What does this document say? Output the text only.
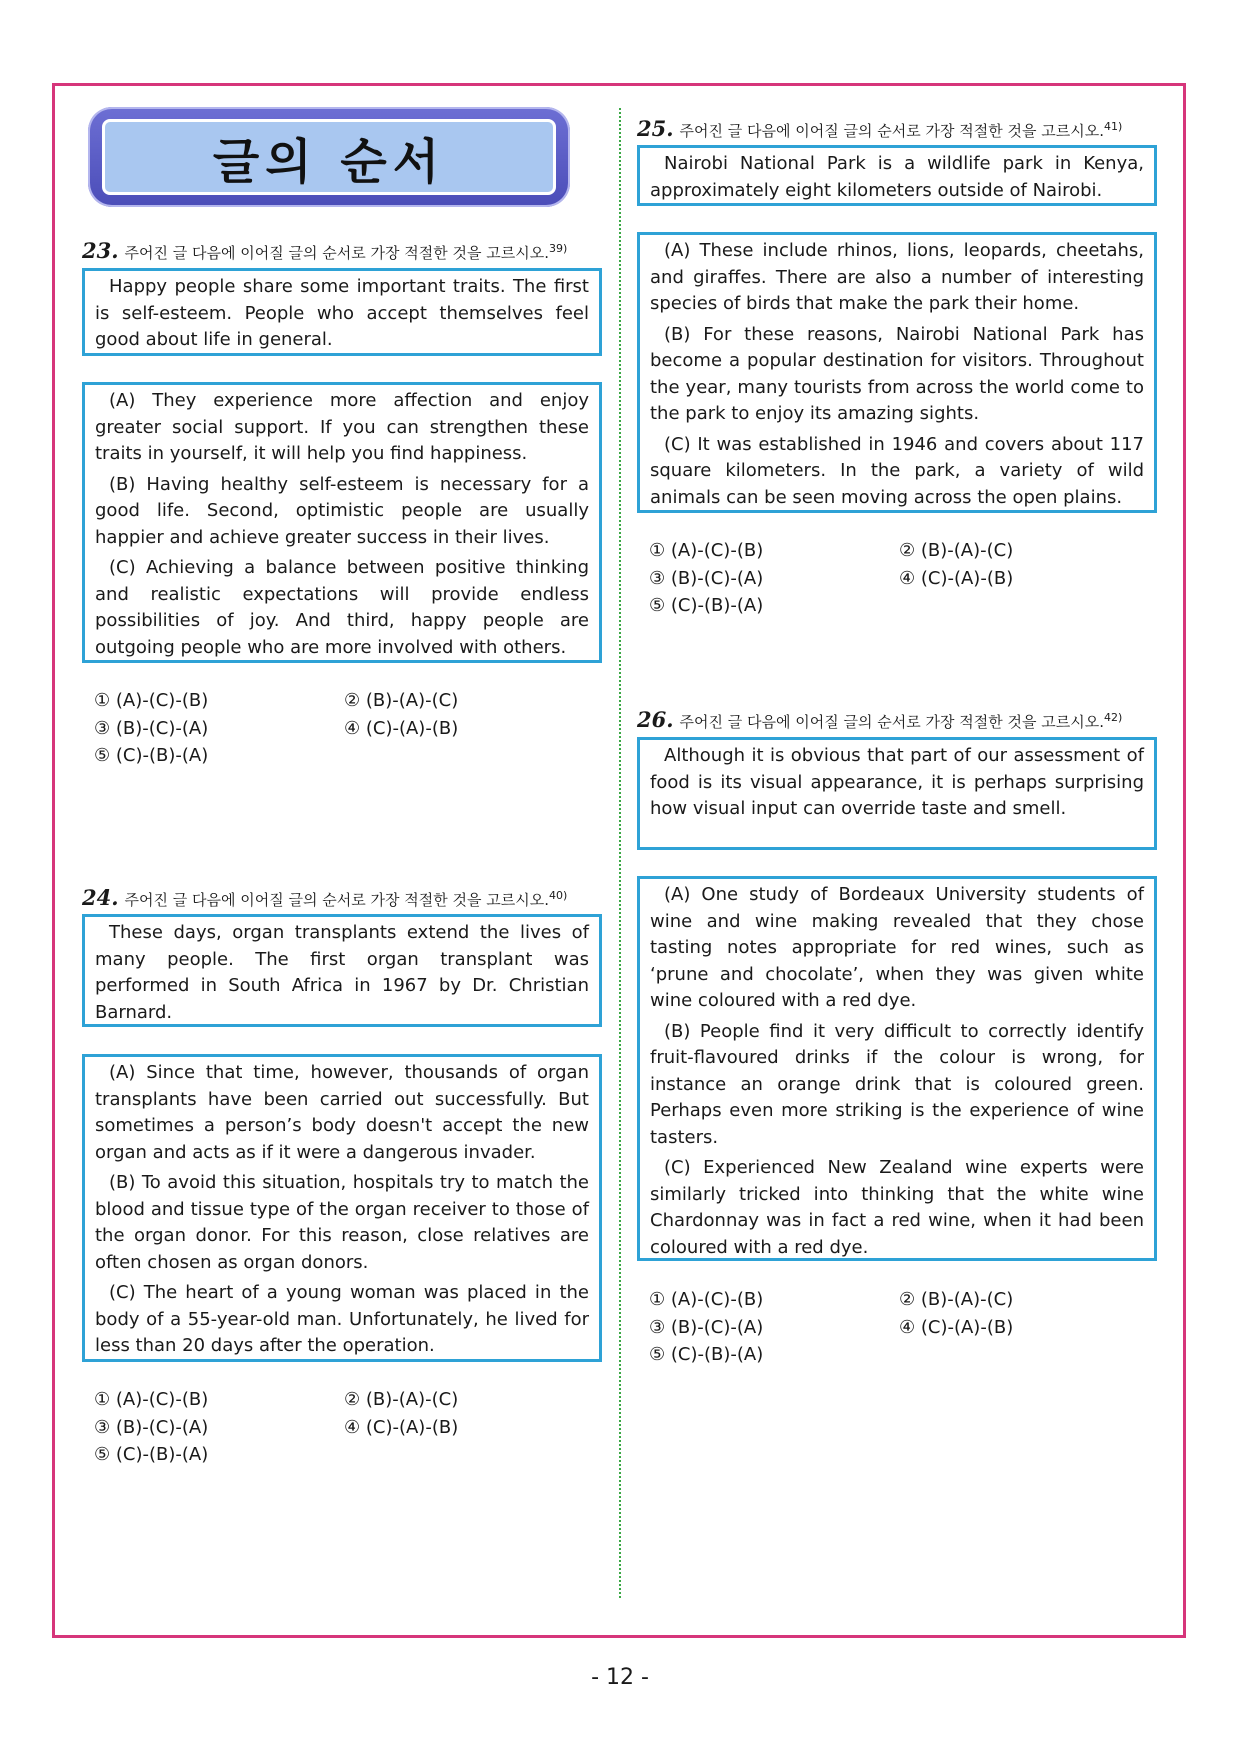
글의 순서
23. 주어진 글 다음에 이어질 글의 순서로 가장 적절한 것을 고르시오.$^{39)}$

Happy people share some important traits. The first is self-esteem. People who accept themselves feel good about life in general.

(A) They experience more affection and enjoy greater social support. If you can strengthen these traits in yourself, it will help you find happiness.

(B) Having healthy self-esteem is necessary for a good life. Second, optimistic people are usually happier and achieve greater success in their lives.

(C) Achieving a balance between positive thinking and realistic expectations will provide endless possibilities of joy. And third, happy people are outgoing people who are more involved with others.

① (A)-(C)-(B)	② (B)-(A)-(C)
③ (B)-(C)-(A)	④ (C)-(A)-(B)
⑤ (C)-(B)-(A)
24. 주어진 글 다음에 이어질 글의 순서로 가장 적절한 것을 고르시오.$^{40)}$

These days, organ transplants extend the lives of many people. The first organ transplant was performed in South Africa in 1967 by Dr. Christian Barnard.

(A) Since that time, however, thousands of organ transplants have been carried out successfully. But sometimes a person’s body doesn't accept the new organ and acts as if it were a dangerous invader.

(B) To avoid this situation, hospitals try to match the blood and tissue type of the organ receiver to those of the organ donor. For this reason, close relatives are often chosen as organ donors.

(C) The heart of a young woman was placed in the body of a 55-year-old man. Unfortunately, he lived for less than 20 days after the operation.

① (A)-(C)-(B)	② (B)-(A)-(C)
③ (B)-(C)-(A)	④ (C)-(A)-(B)
⑤ (C)-(B)-(A)
25. 주어진 글 다음에 이어질 글의 순서로 가장 적절한 것을 고르시오.$^{41)}$

Nairobi National Park is a wildlife park in Kenya, approximately eight kilometers outside of Nairobi.

(A) These include rhinos, lions, leopards, cheetahs, and giraffes. There are also a number of interesting species of birds that make the park their home.

(B) For these reasons, Nairobi National Park has become a popular destination for visitors. Throughout the year, many tourists from across the world come to the park to enjoy its amazing sights.

(C) It was established in 1946 and covers about 117 square kilometers. In the park, a variety of wild animals can be seen moving across the open plains.

① (A)-(C)-(B)	② (B)-(A)-(C)
③ (B)-(C)-(A)	④ (C)-(A)-(B)
⑤ (C)-(B)-(A)
26. 주어진 글 다음에 이어질 글의 순서로 가장 적절한 것을 고르시오.$^{42)}$

Although it is obvious that part of our assessment of food is its visual appearance, it is perhaps surprising how visual input can override taste and smell.

(A) One study of Bordeaux University students of wine and wine making revealed that they chose tasting notes appropriate for red wines, such as ‘prune and chocolate’, when they was given white wine coloured with a red dye.

(B) People find it very difficult to correctly identify fruit-flavoured drinks if the colour is wrong, for instance an orange drink that is coloured green. Perhaps even more striking is the experience of wine tasters.

(C) Experienced New Zealand wine experts were similarly tricked into thinking that the white wine Chardonnay was in fact a red wine, when it had been coloured with a red dye.

① (A)-(C)-(B)	② (B)-(A)-(C)
③ (B)-(C)-(A)	④ (C)-(A)-(B)
⑤ (C)-(B)-(A)
- 12 -
